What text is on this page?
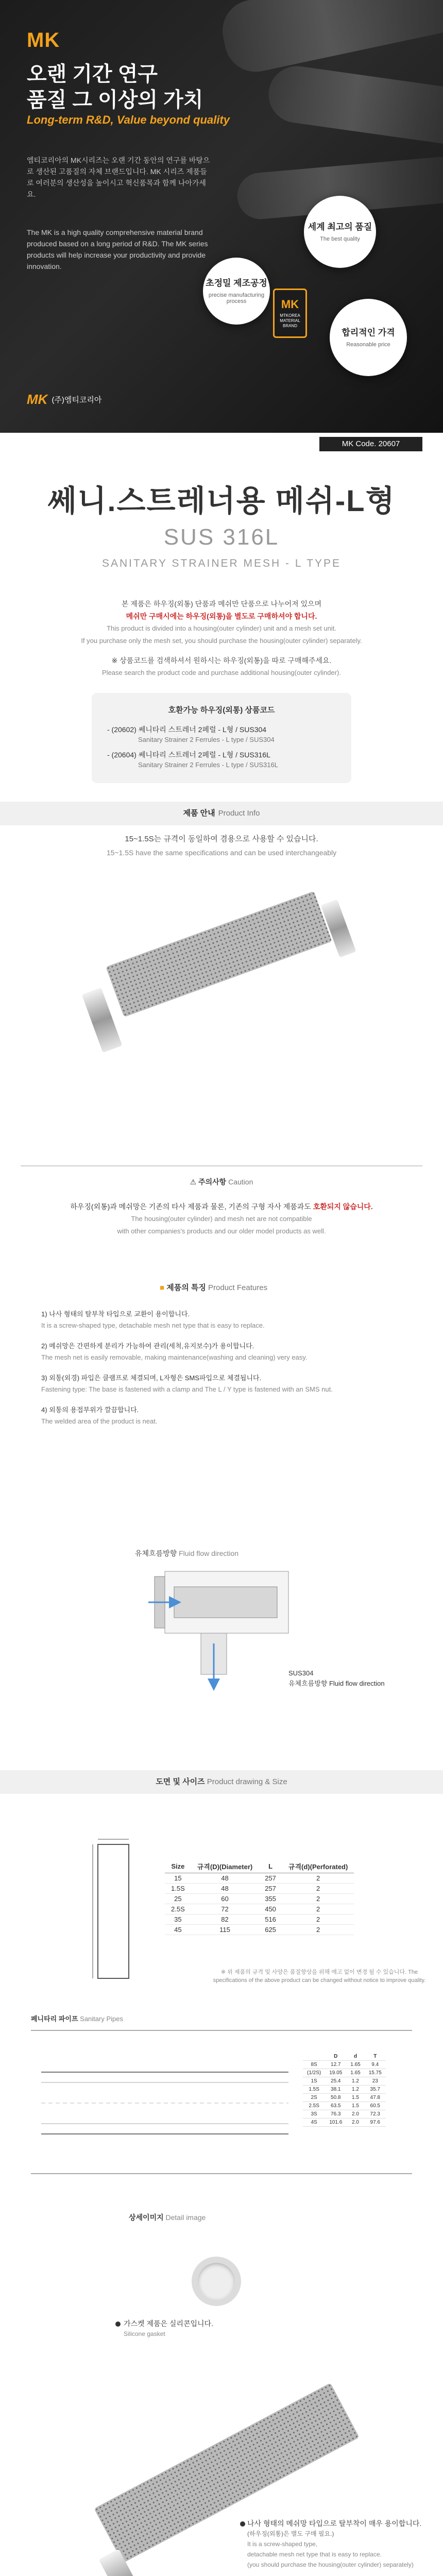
MK
오랜 기간 연구
품질 그 이상의 가치
Long-term R&D, Value beyond quality
엠티코리아의 MK시리즈는 오랜 기간 동안의 연구를 바탕으로 생산된 고품질의 자체 브랜드입니다. MK 시리즈 제품들로 여러분의 생산성을 높이시고 혁신품목과 함께 나아가세요.
The MK is a high quality comprehensive material brand produced based on a long period of R&D. The MK series products will help increase your productivity and provide innovation.
세계 최고의 품질
The best quality
초정밀 제조공정
precise manufacturing process
합리적인 가격
Reasonable price
MK
MTKOREA MATERIAL BRAND
MK (주)엠티코리아
MK Code. 20607
쎄니.스트레너용 메쉬-L형
SUS 316L
SANITARY STRAINER MESH - L TYPE

본 제품은 하우징(외통) 단품과 메쉬만 단품으로 나누어져 있으며

메쉬만 구매시에는 하우징(외통)을 별도로 구매하셔야 합니다.

This product is divided into a housing(outer cylinder) unit and a mesh set unit.

If you purchase only the mesh set, you should purchase the housing(outer cylinder) separately.

※ 상품코드를 검색하셔서 원하시는 하우징(외통)을 따로 구매해주세요.

Please search the product code and purchase additional housing(outer cylinder).

호환가능 하우징(외통) 상품코드
- (20602) 쎄니타리 스트레너 2페럴 - L형 / SUS304
Sanitary Strainer 2 Ferrules - L type / SUS304
- (20604) 쎄니타리 스트레너 2페럴 - L형 / SUS316L
Sanitary Strainer 2 Ferrules - L type / SUS316L
제품 안내 Product Info
15~1.5S는 규격이 동일하여 겸용으로 사용할 수 있습니다.
15~1.5S have the same specifications and can be used interchangeably
⚠ 주의사항 Caution
하우징(외통)과 메쉬망은 기존의 타사 제품과 물론, 기존의 구형 자사 제품과도 호환되지 않습니다.
The housing(outer cylinder) and mesh net are not compatible
with other companies's products and our older model products as well.
■ 제품의 특징 Product Features
1) 나사 형태의 탈부착 타입으로 교환이 용이합니다.
It is a screw-shaped type, detachable mesh net type that is easy to replace.
2) 메쉬망은 간편하게 분리가 가능하여 관리(세척,유지보수)가 용이합니다.
The mesh net is easily removable, making maintenance(washing and cleaning) very easy.
3) 외통(외경) 파입은 클램프로 체결되며, L자형은 SMS파입으로 체결됩니다.
Fastening type: The base is fastened with a clamp and The L / Y type is fastened with an SMS nut.
4) 외통의 용접부위가 깔끔합니다.
The welded area of the product is neat.
유체흐름방향 Fluid flow direction
SUS304
유체흐름방향 Fluid flow direction
도면 및 사이즈 Product drawing & Size
Size	규격(D)(Diameter)	L	규격(d)(Perforated)
15	48	257	2
1.5S	48	257	2
25	60	355	2
2.5S	72	450	2
35	82	516	2
45	115	625	2
※ 위 제품의 규격 및 사양은 품질향상을 위해 예고 없이 변경 될 수 있습니다. The specifications of the above product can be changed without notice to improve quality.
페니타리 파이프 Sanitary Pipes
	D	d	T
8S	12.7	1.65	9.4
(1/2S)	19.05	1.65	15.75
1S	25.4	1.2	23
1.5S	38.1	1.2	35.7
2S	50.8	1.5	47.8
2.5S	63.5	1.5	60.5
3S	76.3	2.0	72.3
4S	101.6	2.0	97.6
상세이미지 Detail image
가스켓 제품은 실리콘입니다.
Silicone gasket
나사 형태의 메쉬망 타입으로 탈부착이 매우 용이합니다.
(하우징(외통)은 별도 구매 필요.)
It is a screw-shaped type,
detachable mesh net type that is easy to replace.
(you should purchase the housing(outer cylinder) separately)
